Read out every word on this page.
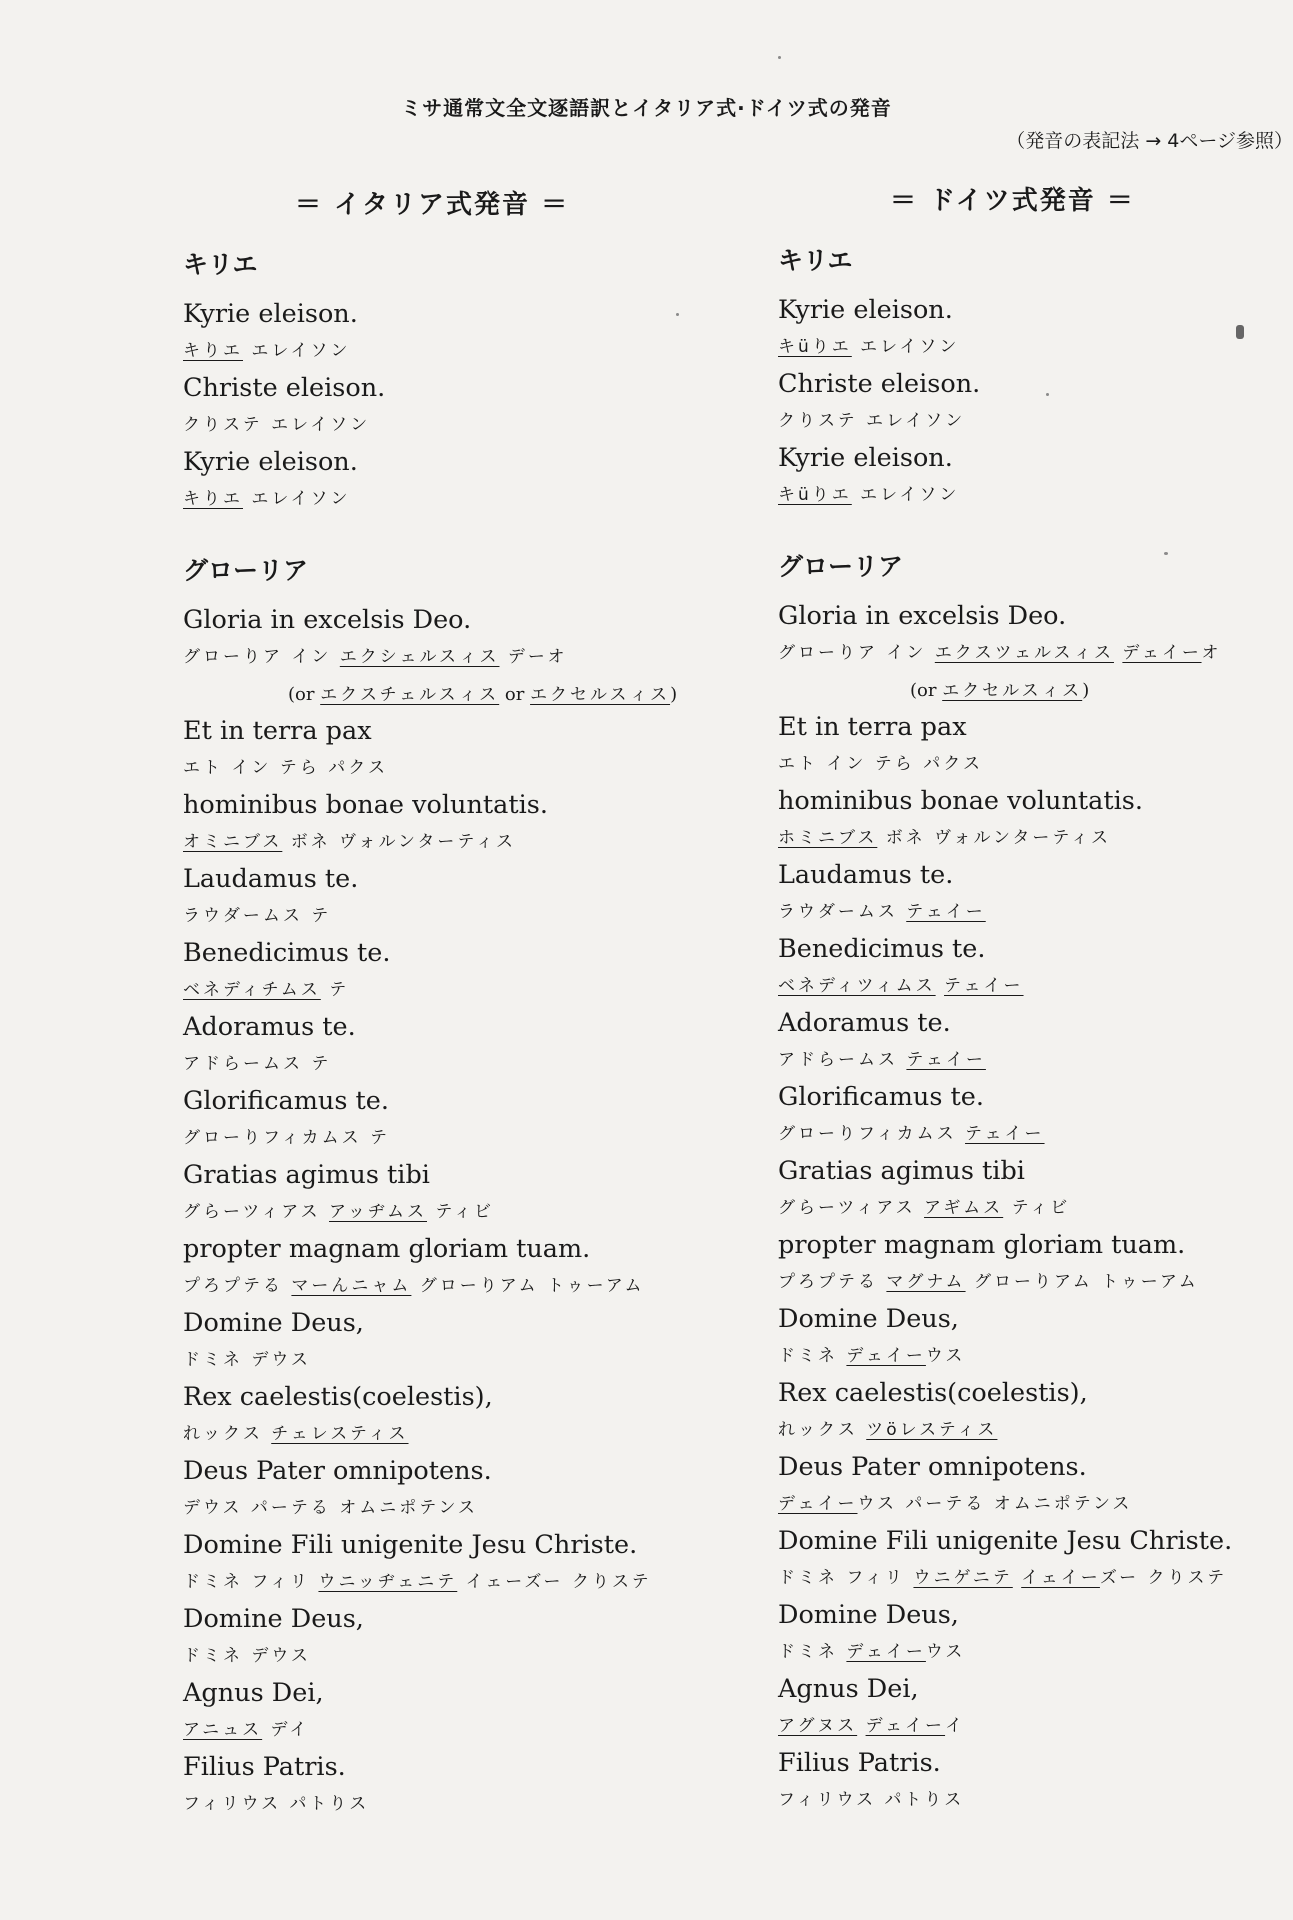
ミサ通常文全文逐語訳とイタリア式·ドイツ式の発音
（発音の表記法 → 4ページ参照）
＝ イタリア式発音 ＝
キリエ
Kyrie eleison.
キりエ エレイソン
Christe eleison.
クりステ エレイソン
Kyrie eleison.
キりエ エレイソン
グローリア
Gloria in excelsis Deo.
グローりア イン エクシェルスィス デーオ
(or エクスチェルスィス or エクセルスィス)
Et in terra pax
エト イン テら パクス
hominibus bonae voluntatis.
オミニブス ボネ ヴォルンターティス
Laudamus te.
ラウダームス テ
Benedicimus te.
ベネディチムス テ
Adoramus te.
アドらームス テ
Glorificamus te.
グローりフィカムス テ
Gratias agimus tibi
グらーツィアス アッヂムス ティビ
propter magnam gloriam tuam.
プろプテる マーんニャム グローりアム トゥーアム
Domine Deus,
ドミネ デウス
Rex caelestis(coelestis),
れックス チェレスティス
Deus Pater omnipotens.
デウス パーテる オムニポテンス
Domine Fili unigenite Jesu Christe.
ドミネ フィリ ウニッヂェニテ イェーズー クりステ
Domine Deus,
ドミネ デウス
Agnus Dei,
アニュス デイ
Filius Patris.
フィリウス パトりス
＝ ドイツ式発音 ＝
キリエ
Kyrie eleison.
キüりエ エレイソン
Christe eleison.
クりステ エレイソン
Kyrie eleison.
キüりエ エレイソン
グローリア
Gloria in excelsis Deo.
グローりア イン エクスツェルスィス デェイーオ
(or エクセルスィス)
Et in terra pax
エト イン テら パクス
hominibus bonae voluntatis.
ホミニブス ボネ ヴォルンターティス
Laudamus te.
ラウダームス テェイー
Benedicimus te.
ベネディツィムス テェイー
Adoramus te.
アドらームス テェイー
Glorificamus te.
グローりフィカムス テェイー
Gratias agimus tibi
グらーツィアス アギムス ティビ
propter magnam gloriam tuam.
プろプテる マグナム グローりアム トゥーアム
Domine Deus,
ドミネ デェイーウス
Rex caelestis(coelestis),
れックス ツöレスティス
Deus Pater omnipotens.
デェイーウス パーテる オムニポテンス
Domine Fili unigenite Jesu Christe.
ドミネ フィリ ウニゲニテ イェイーズー クりステ
Domine Deus,
ドミネ デェイーウス
Agnus Dei,
アグヌス デェイーイ
Filius Patris.
フィリウス パトりス
